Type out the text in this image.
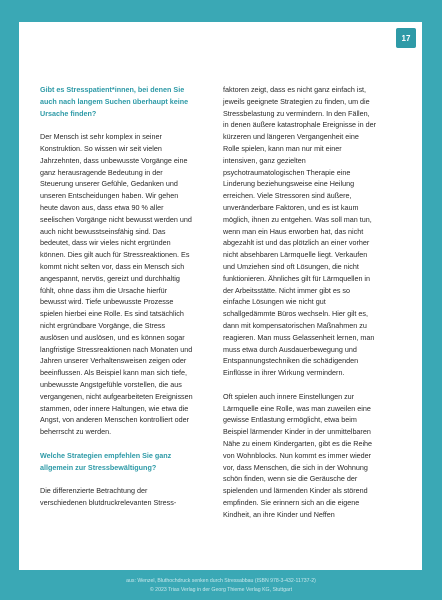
17

Gibt es Stresspatient*innen, bei denen Sie auch nach langem Suchen überhaupt keine Ursache finden?

Der Mensch ist sehr komplex in seiner Konstruktion. So wissen wir seit vielen Jahrzehnten, dass unbewusste Vorgänge eine ganz herausragende Bedeutung in der Steuerung unserer Gefühle, Gedanken und unseren Entscheidungen haben. Wir gehen heute davon aus, dass etwa 90 % aller seelischen Vorgänge nicht bewusst werden und auch nicht bewusstseinsfähig sind. Das bedeutet, dass wir vieles nicht ergründen können. Dies gilt auch für Stressreaktionen. Es kommt nicht selten vor, dass ein Mensch sich angespannt, nervös, gereizt und durchhaltig fühlt, ohne dass ihm die Ursache hierfür bewusst wird. Tiefe unbewusste Prozesse spielen hierbei eine Rolle. Es sind tatsächlich nicht ergründbare Vorgänge, die Stress auslösen und auslösen, und es können sogar langfristige Stressreaktionen nach Monaten und Jahren unserer Verhaltensweisen zeigen oder beeinflussen. Als Beispiel kann man sich tiefe, unbewusste Angstgefühle vorstellen, die aus vergangenen, nicht aufgearbeiteten Ereignissen stammen, oder innere Haltungen, wie etwa die Angst, von anderen Menschen kontrolliert oder beherrscht zu werden.

Welche Strategien empfehlen Sie ganz allgemein zur Stressbewältigung?

Die differenzierte Betrachtung der verschiedenen blutdruckrelevanten Stress-

faktoren zeigt, dass es nicht ganz einfach ist, jeweils geeignete Strategien zu finden, um die Stressbelastung zu vermindern. In den Fällen, in denen äußere katastrophale Ereignisse in der kürzeren und längeren Vergangenheit eine Rolle spielen, kann man nur mit einer intensiven, ganz gezielten psychotraumatologischen Therapie eine Linderung beziehungsweise eine Heilung erreichen. Viele Stressoren sind äußere, unveränderbare Faktoren, und es ist kaum möglich, ihnen zu entgehen. Was soll man tun, wenn man ein Haus erworben hat, das nicht abgezahlt ist und das plötzlich an einer vorher nicht absehbaren Lärmquelle liegt. Verkaufen und Umziehen sind oft Lösungen, die nicht funktionieren. Ähnliches gilt für Lärmquellen in der Arbeitsstätte. Nicht immer gibt es so einfache Lösungen wie nicht gut schallgedämmte Büros wechseln. Hier gilt es, dann mit kompensatorischen Maßnahmen zu reagieren. Man muss Gelassenheit lernen, man muss etwa durch Ausdauerbewegung und Entspannungstechniken die schädigenden Einflüsse in ihrer Wirkung vermindern.

Oft spielen auch innere Einstellungen zur Lärmquelle eine Rolle, was man zuweilen eine gewisse Entlastung ermöglicht, etwa beim Beispiel lärmender Kinder in der unmittelbaren Nähe zu einem Kindergarten, gibt es die Reihe von Wohnblocks. Nun kommt es immer wieder vor, dass Menschen, die sich in der Wohnung schön finden, wenn sie die Geräusche der spielenden und lärmenden Kinder als störend empfinden. Sie erinnern sich an die eigene Kindheit, an ihre Kinder und Neffen

aus: Wenzel, Bluthochdruck senken durch Stressabbau (ISBN 978-3-432-11737-2)
© 2023 Trias Verlag in der Georg Thieme Verlag KG, Stuttgart
